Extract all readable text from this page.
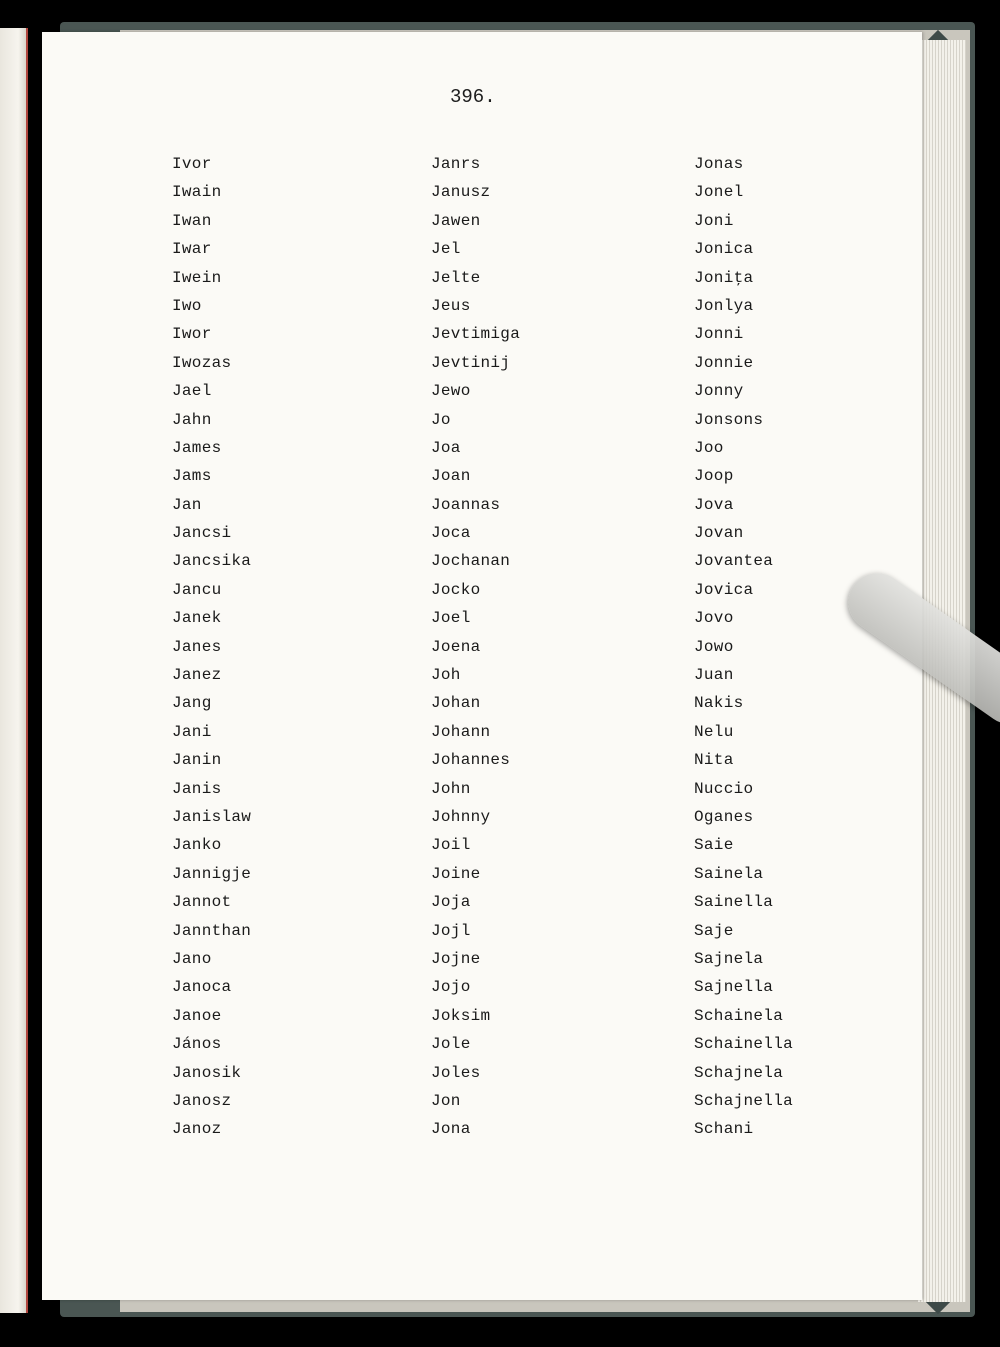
396.
Ivor
Iwain
Iwan
Iwar
Iwein
Iwo
Iwor
Iwozas
Jael
Jahn
James
Jams
Jan
Jancsi
Jancsika
Jancu
Janek
Janes
Janez
Jang
Jani
Janin
Janis
Janislaw
Janko
Jannigje
Jannot
Jannthan
Jano
Janoca
Janoe
János
Janosik
Janosz
Janoz
Janrs
Janusz
Jawen
Jel
Jelte
Jeus
Jevtimiga
Jevtinij
Jewo
Jo
Joa
Joan
Joannas
Joca
Jochanan
Jocko
Joel
Joena
Joh
Johan
Johann
Johannes
John
Johnny
Joil
Joine
Joja
Jojl
Jojne
Jojo
Joksim
Jole
Joles
Jon
Jona
Jonas
Jonel
Joni
Jonica
Joniţa
Jonlya
Jonni
Jonnie
Jonny
Jonsons
Joo
Joop
Jova
Jovan
Jovantea
Jovica
Jovo
Jowo
Juan
Nakis
Nelu
Nita
Nuccio
Oganes
Saie
Sainela
Sainella
Saje
Sajnela
Sajnella
Schainela
Schainella
Schajnela
Schajnella
Schani
